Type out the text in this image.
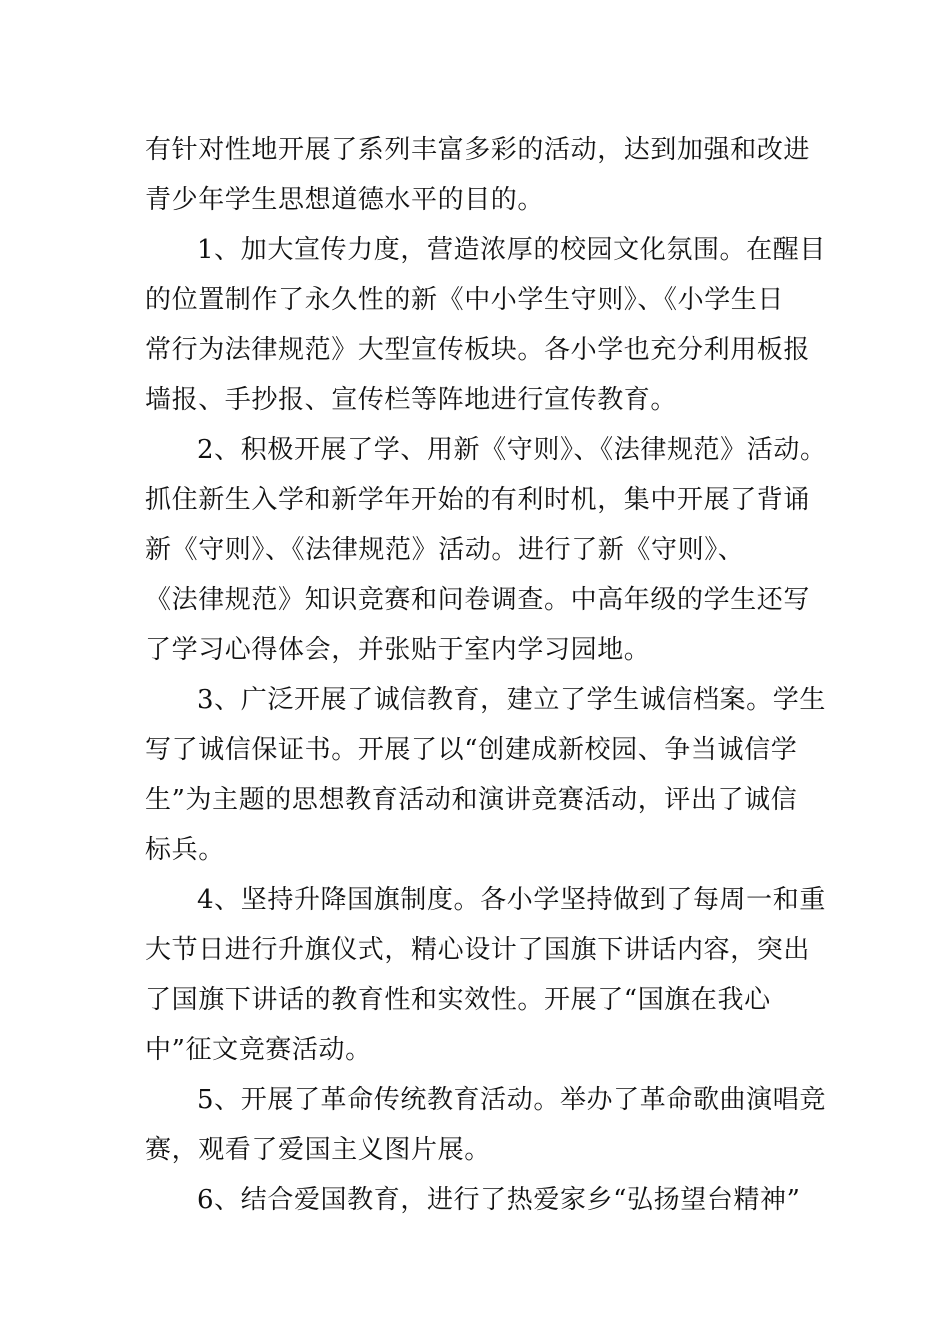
有针对性地开展了系列丰富多彩的活动，达到加强和改进
青少年学生思想道德水平的目的。
1、加大宣传力度，营造浓厚的校园文化氛围。在醒目
的位置制作了永久性的新《中小学生守则》、《小学生日
常行为法律规范》大型宣传板块。各小学也充分利用板报
墙报、手抄报、宣传栏等阵地进行宣传教育。
2、积极开展了学、用新《守则》、《法律规范》活动。
抓住新生入学和新学年开始的有利时机，集中开展了背诵
新《守则》、《法律规范》活动。进行了新《守则》、
《法律规范》知识竞赛和问卷调查。中高年级的学生还写
了学习心得体会，并张贴于室内学习园地。
3、广泛开展了诚信教育，建立了学生诚信档案。学生
写了诚信保证书。开展了以“创建成新校园、争当诚信学
生”为主题的思想教育活动和演讲竞赛活动，评出了诚信
标兵。
4、坚持升降国旗制度。各小学坚持做到了每周一和重
大节日进行升旗仪式，精心设计了国旗下讲话内容，突出
了国旗下讲话的教育性和实效性。开展了“国旗在我心
中”征文竞赛活动。
5、开展了革命传统教育活动。举办了革命歌曲演唱竞
赛，观看了爱国主义图片展。
6、结合爱国教育，进行了热爱家乡“弘扬望台精神”
